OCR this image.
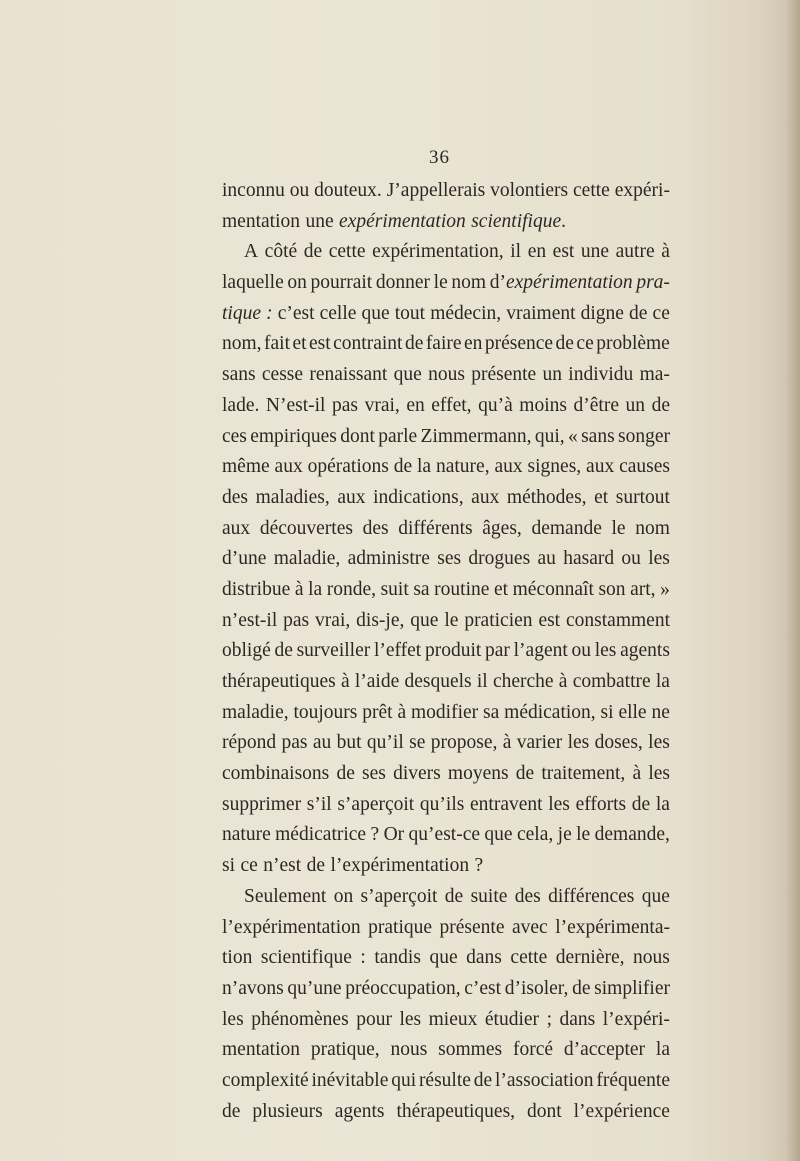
36

inconnu ou douteux. J’appellerais volontiers cette expéri-
mentation une expérimentation scientifique.
A côté de cette expérimentation, il en est une autre à
laquelle on pourrait donner le nom d’expérimentation pra-
tique : c’est celle que tout médecin, vraiment digne de ce
nom, fait et est contraint de faire en présence de ce problème
sans cesse renaissant que nous présente un individu ma-
lade. N’est-il pas vrai, en effet, qu’à moins d’être un de
ces empiriques dont parle Zimmermann, qui, « sans songer
même aux opérations de la nature, aux signes, aux causes
des maladies, aux indications, aux méthodes, et surtout
aux découvertes des différents âges, demande le nom
d’une maladie, administre ses drogues au hasard ou les
distribue à la ronde, suit sa routine et méconnaît son art, »
n’est-il pas vrai, dis-je, que le praticien est constamment
obligé de surveiller l’effet produit par l’agent ou les agents
thérapeutiques à l’aide desquels il cherche à combattre la
maladie, toujours prêt à modifier sa médication, si elle ne
répond pas au but qu’il se propose, à varier les doses, les
combinaisons de ses divers moyens de traitement, à les
supprimer s’il s’aperçoit qu’ils entravent les efforts de la
nature médicatrice ? Or qu’est-ce que cela, je le demande,
si ce n’est de l’expérimentation ?
Seulement on s’aperçoit de suite des différences que
l’expérimentation pratique présente avec l’expérimenta-
tion scientifique : tandis que dans cette dernière, nous
n’avons qu’une préoccupation, c’est d’isoler, de simplifier
les phénomènes pour les mieux étudier ; dans l’expéri-
mentation pratique, nous sommes forcé d’accepter la
complexité inévitable qui résulte de l’association fréquente
de plusieurs agents thérapeutiques, dont l’expérience
